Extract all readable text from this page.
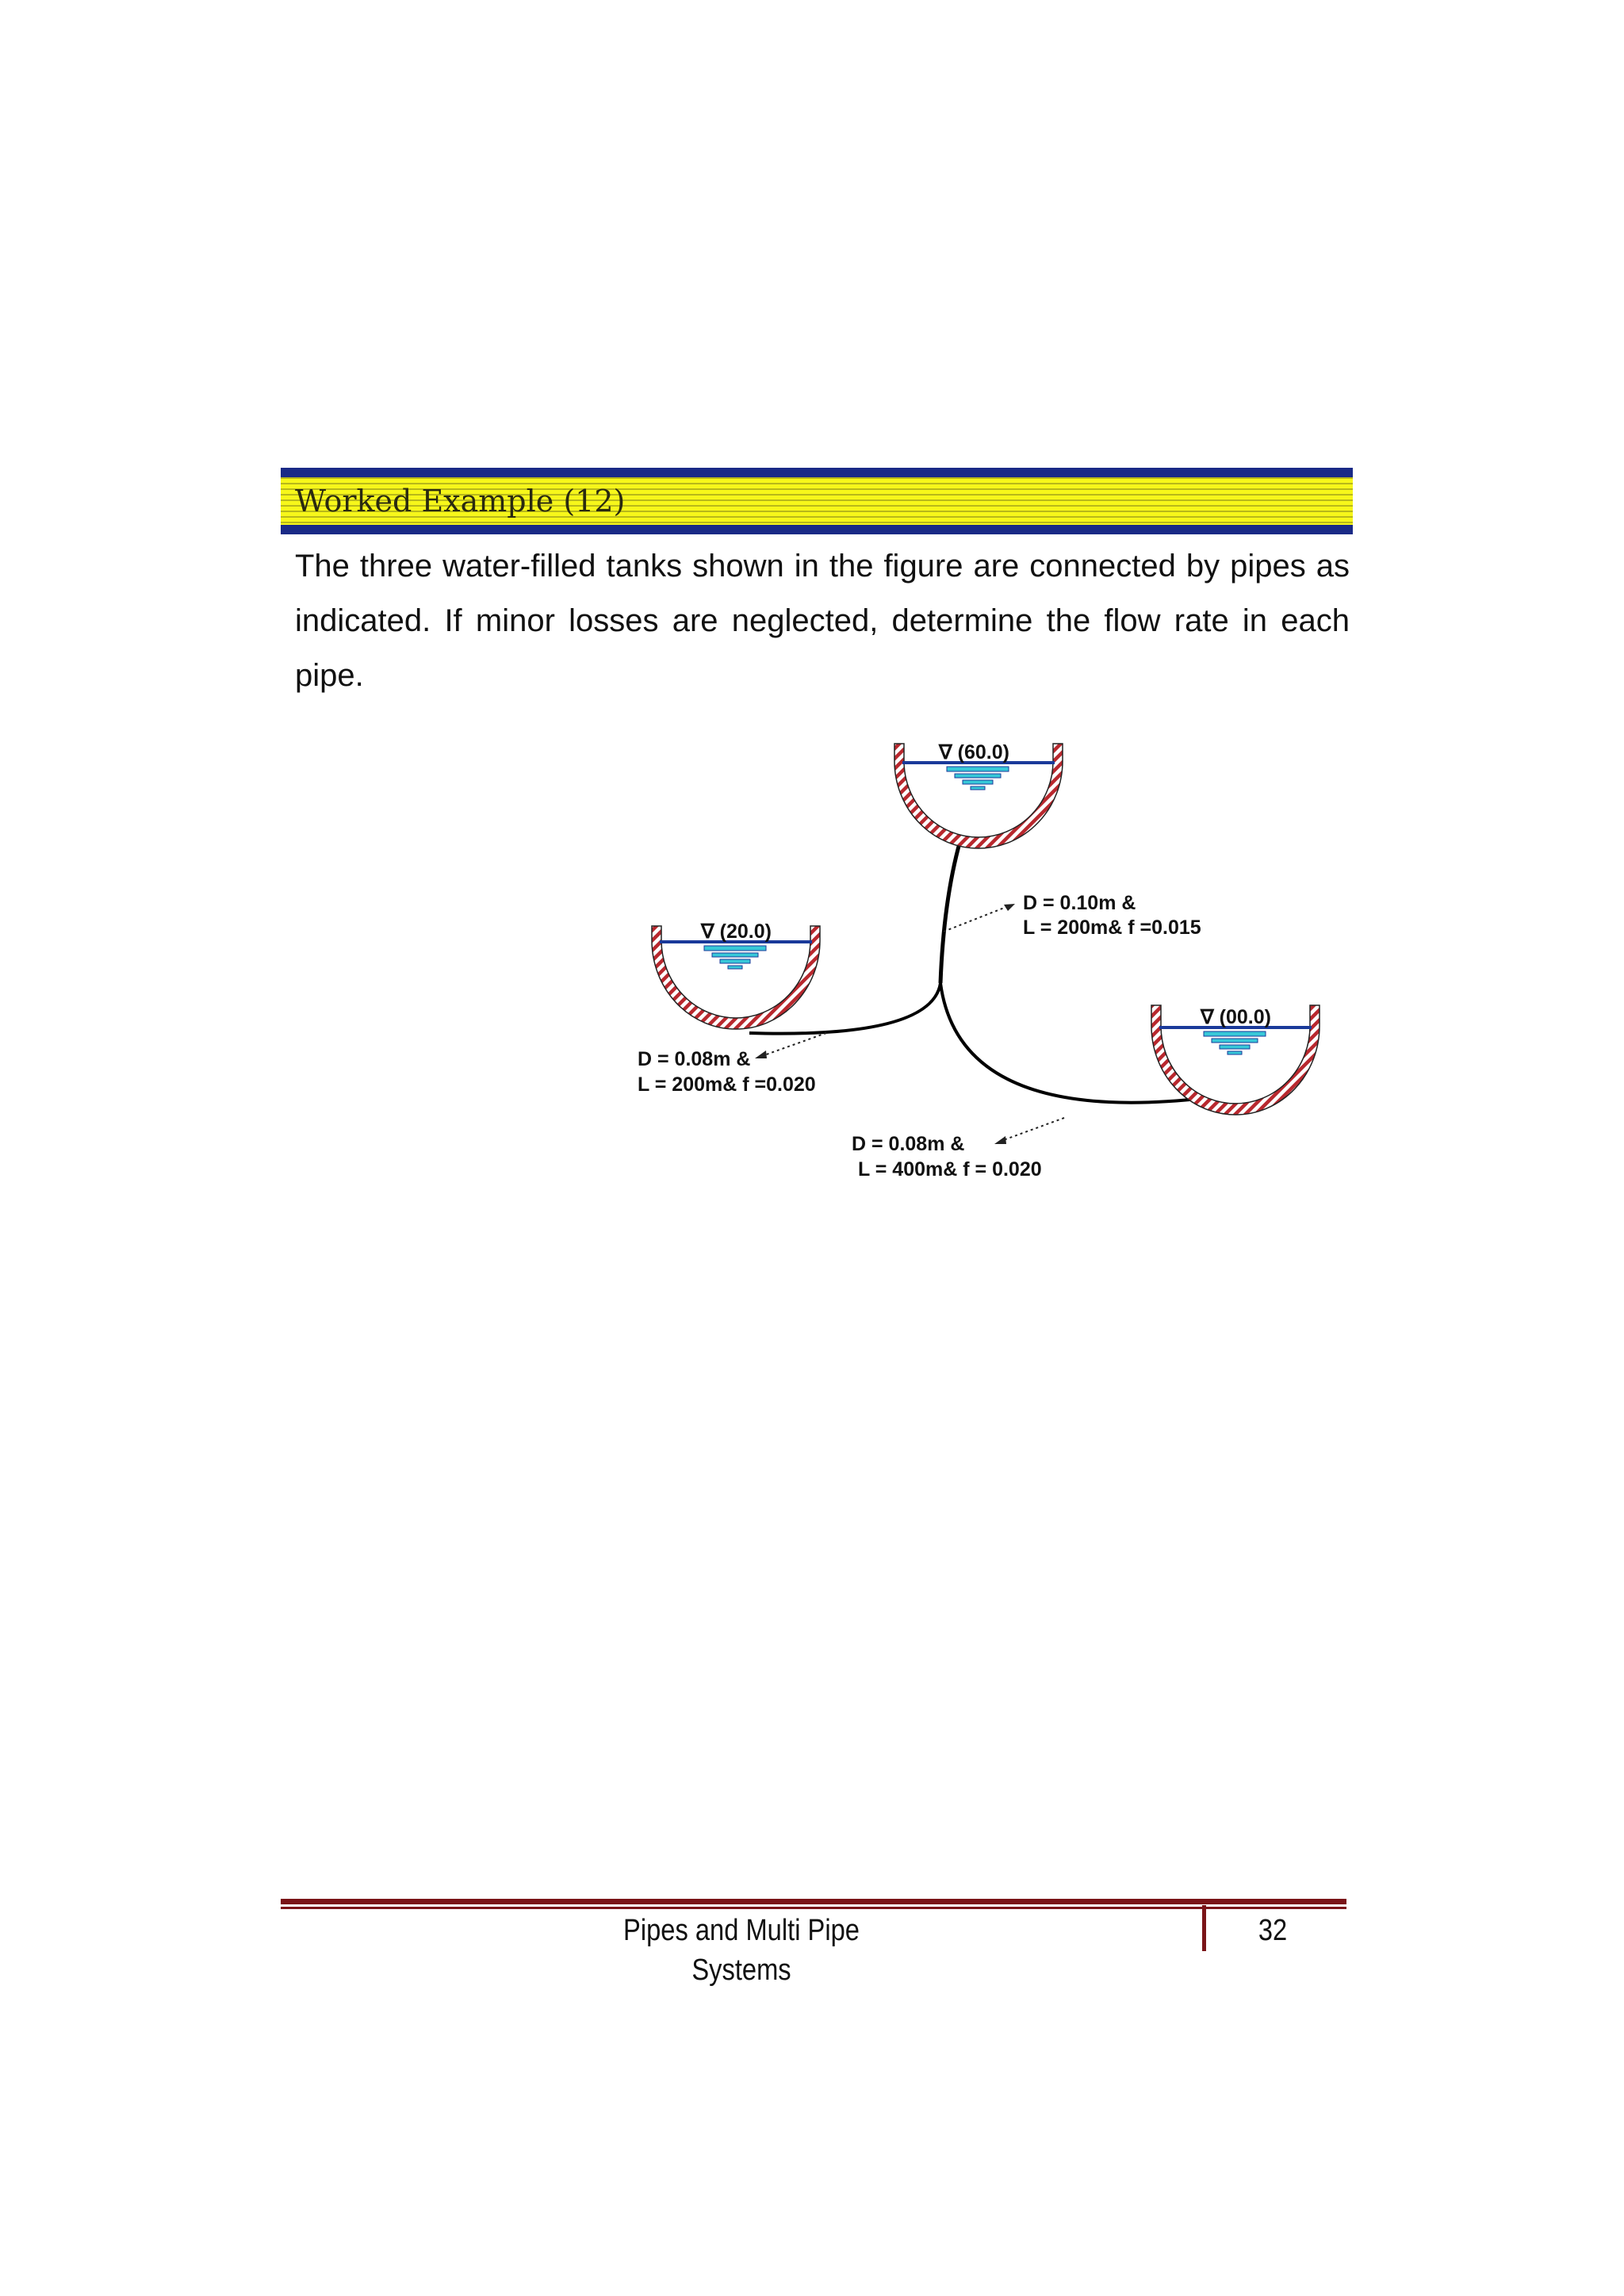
Worked Example (12)

The three water-filled tanks shown in the figure are connected by pipes as indicated. If minor losses are neglected, determine the flow rate in each pipe.

∇ (60.0)
∇ (20.0)
∇ (00.0)
D = 0.10m &
L = 200m& f =0.015
D = 0.08m &
L = 200m& f =0.020
D = 0.08m &
L = 400m& f = 0.020
Pipes and Multi Pipe Systems
32
